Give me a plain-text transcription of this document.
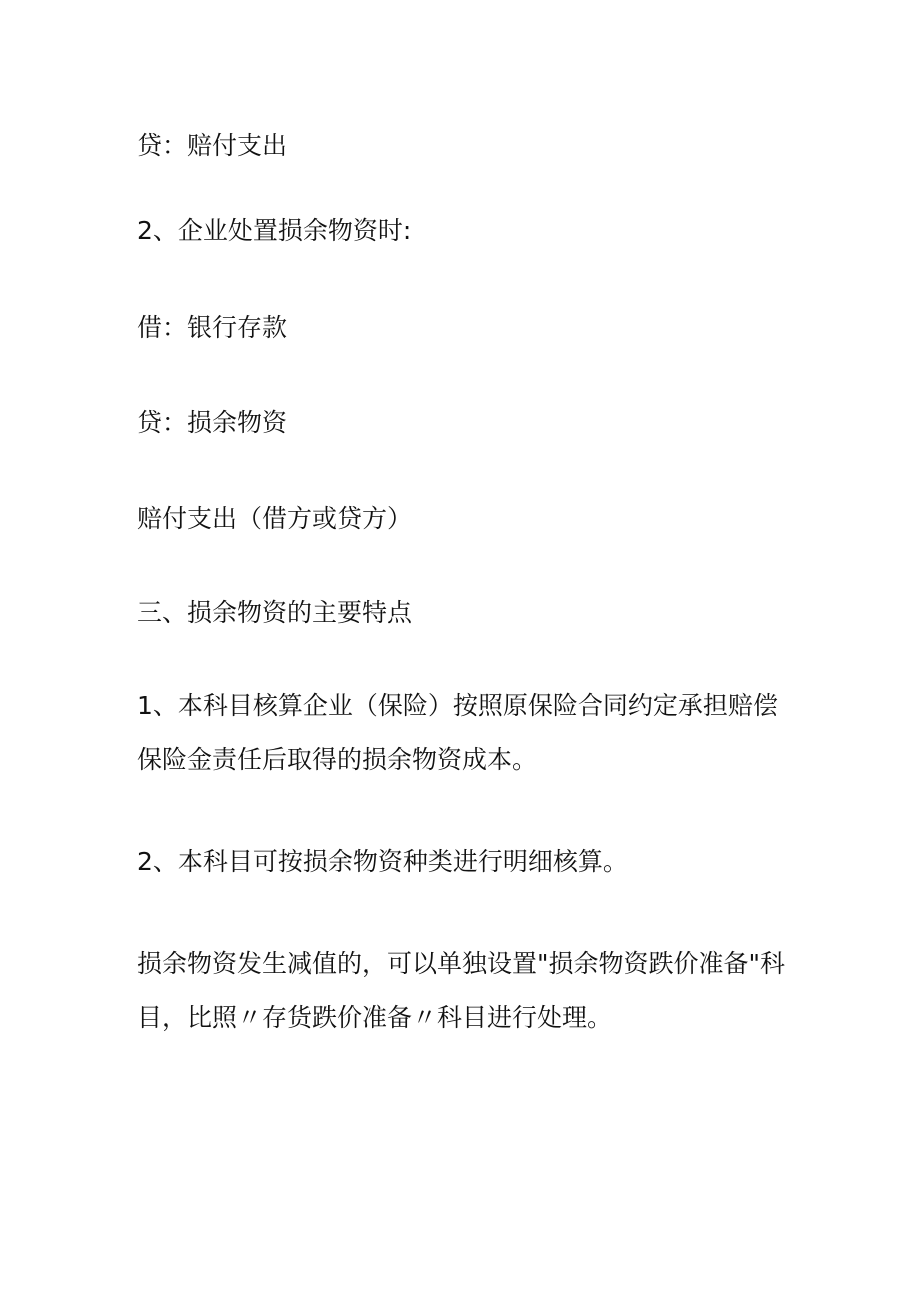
贷：赔付支出
2、企业处置损余物资时:
借：银行存款
贷：损余物资
赔付支出（借方或贷方）
三、损余物资的主要特点
1、本科目核算企业（保险）按照原保险合同约定承担赔偿保险金责任后取得的损余物资成本。
2、本科目可按损余物资种类进行明细核算。
损余物资发生减值的，可以单独设置"损余物资跌价准备"科目，比照〃存货跌价准备〃科目进行处理。
